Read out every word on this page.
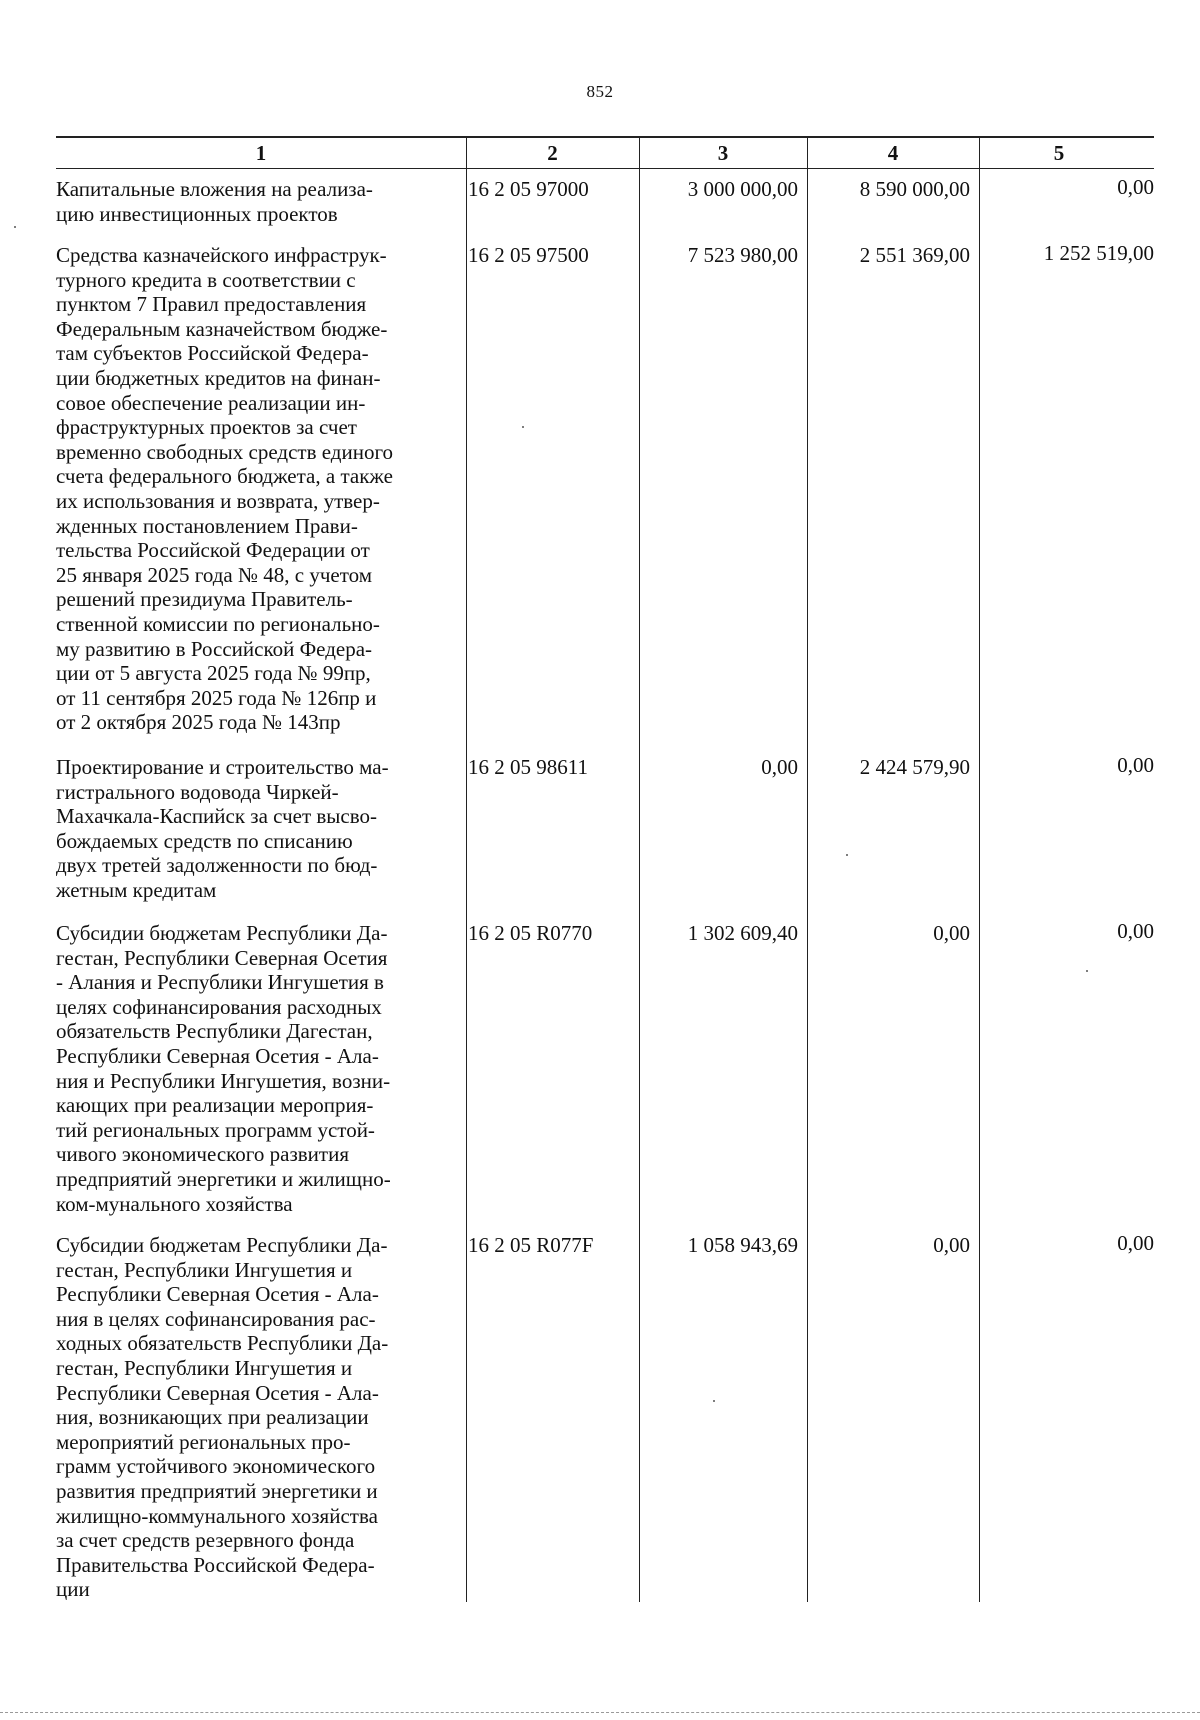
852
1	2	3	4	5
Капитальные вложения на реализа-
цию инвестиционных проектов
16 2 05 97000	3 000 000,00	8 590 000,00	0,00
Средства казначейского инфраструк-
турного кредита в соответствии с
пунктом 7 Правил предоставления
Федеральным казначейством бюдже-
там субъектов Российской Федера-
ции бюджетных кредитов на финан-
совое обеспечение реализации ин-
фраструктурных проектов за счет
временно свободных средств единого
счета федерального бюджета, а также
их использования и возврата, утвер-
жденных постановлением Прави-
тельства Российской Федерации от
25 января 2025 года № 48, с учетом
решений президиума Правитель-
ственной комиссии по регионально-
му развитию в Российской Федера-
ции от 5 августа 2025 года № 99пр,
от 11 сентября 2025 года № 126пр и
от 2 октября 2025 года № 143пр
16 2 05 97500	7 523 980,00	2 551 369,00	1 252 519,00
Проектирование и строительство ма-
гистрального водовода Чиркей-
Махачкала-Каспийск за счет высво-
бождаемых средств по списанию
двух третей задолженности по бюд-
жетным кредитам
16 2 05 98611	0,00	2 424 579,90	0,00
Субсидии бюджетам Республики Да-
гестан, Республики Северная Осетия
- Алания и Республики Ингушетия в
целях софинансирования расходных
обязательств Республики Дагестан,
Республики Северная Осетия - Ала-
ния и Республики Ингушетия, возни-
кающих при реализации мероприя-
тий региональных программ устой-
чивого экономического развития
предприятий энергетики и жилищно-
ком-мунального хозяйства
16 2 05 R0770	1 302 609,40	0,00	0,00
Субсидии бюджетам Республики Да-
гестан, Республики Ингушетия и
Республики Северная Осетия - Ала-
ния в целях софинансирования рас-
ходных обязательств Республики Да-
гестан, Республики Ингушетия и
Республики Северная Осетия - Ала-
ния, возникающих при реализации
мероприятий региональных про-
грамм устойчивого экономического
развития предприятий энергетики и
жилищно-коммунального хозяйства
за счет средств резервного фонда
Правительства Российской Федера-
ции
16 2 05 R077F	1 058 943,69	0,00	0,00
